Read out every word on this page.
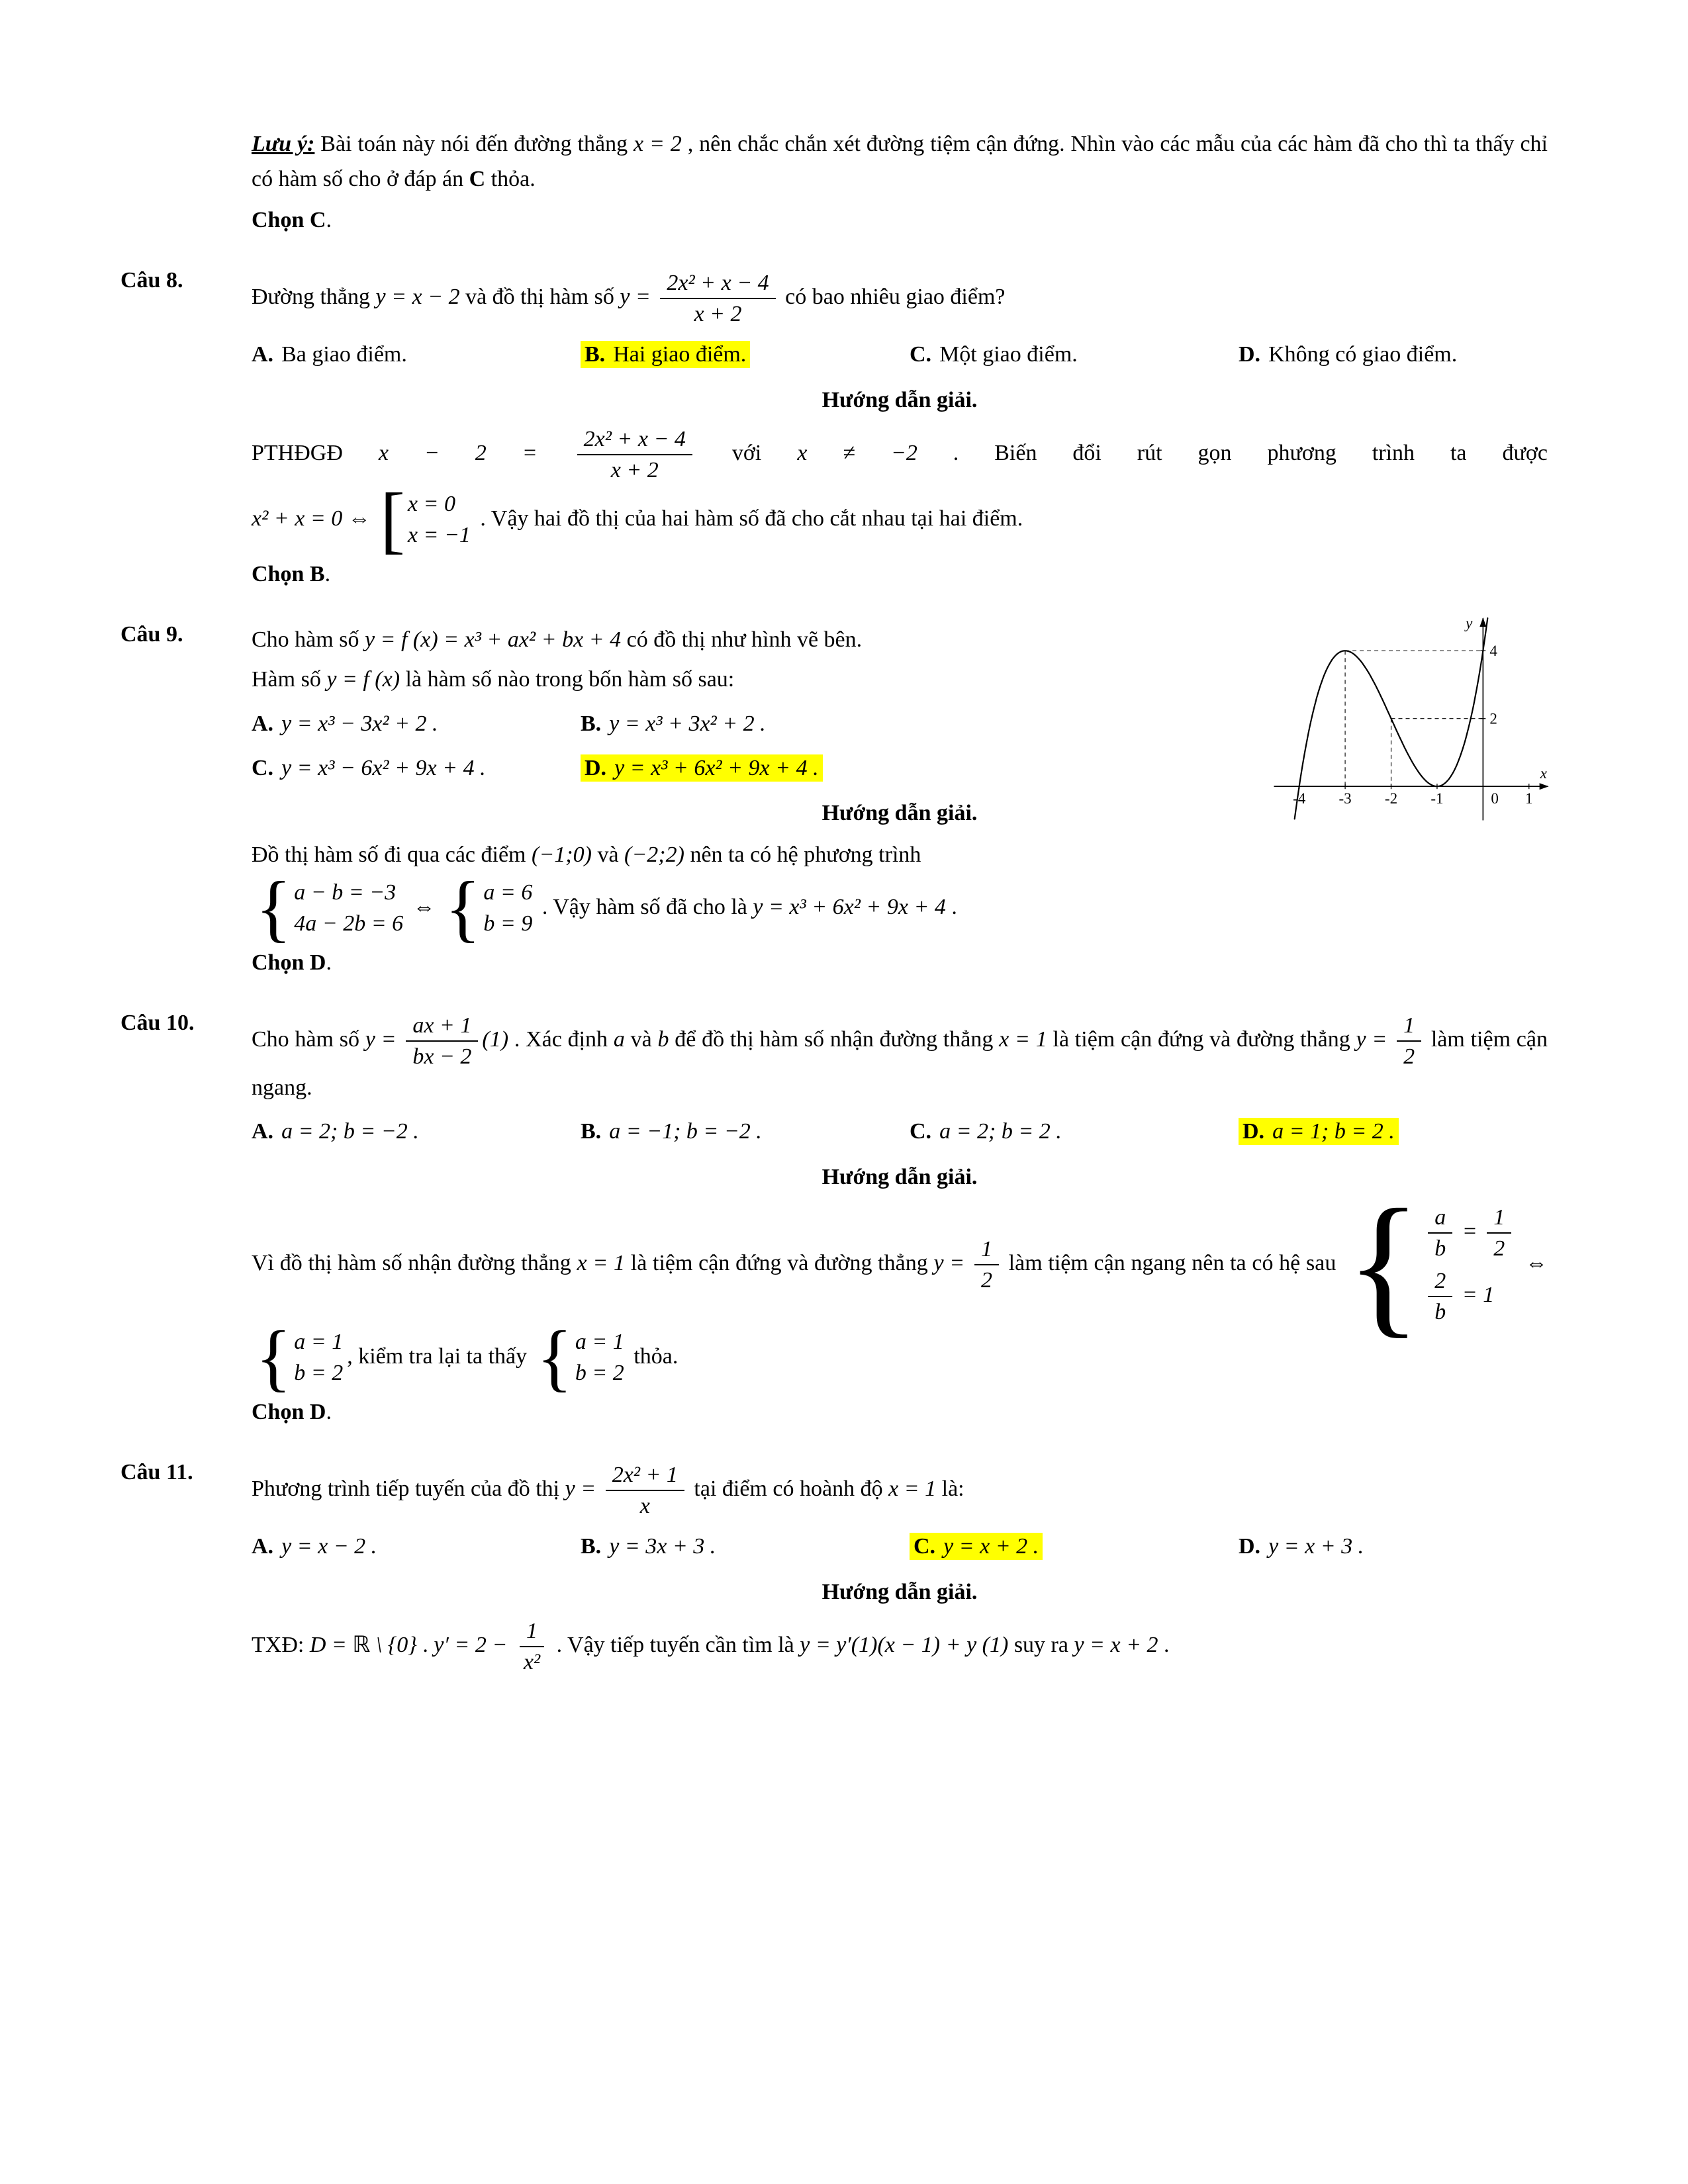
Lưu ý: Bài toán này nói đến đường thẳng x = 2 , nên chắc chắn xét đường tiệm cận đứng. Nhìn vào các mẫu của các hàm đã cho thì ta thấy chỉ có hàm số cho ở đáp án C thỏa.
Chọn C.
Câu 8.
Đường thẳng y = x − 2 và đồ thị hàm số $y = \frac{\text{2x² + x − 4}}{x + 2}$ có bao nhiêu giao điểm?
A. Ba giao điểm.	B. Hai giao điểm.	C. Một giao điểm.	D. Không có giao điểm.
Hướng dẫn giải.
PTHĐGĐ $x - 2 = \frac{\text{2x² + x − 4}}{x + 2}$ với x ≠ −2 . Biến đổi rút gọn phương trình ta được
x² + x = 0 ⇔ [ x = 0
x = −1
. Vậy hai đồ thị của hai hàm số đã cho cắt nhau tại hai điểm.
Chọn B.
Câu 9.	Cho hàm số y = f (x) = x³ + ax² + bx + 4 có đồ thị như hình vẽ bên.
Hàm số y = f (x) là hàm số nào trong bốn hàm số sau:
A. y = x³ − 3x² + 2 .	B. y = x³ + 3x² + 2 .
C. y = x³ − 6x² + 9x + 4 .	D. y = x³ + 6x² + 9x + 4 .
Hướng dẫn giải.
Đồ thị hàm số đi qua các điểm (−1;0) và (−2;2) nên ta có hệ phương trình
{ a − b = −3
4a − 2b = 6
⇔ { a = 6
b = 9
. Vậy hàm số đã cho là y = x³ + 6x² + 9x + 4 .
Chọn D.
-4 -3 -2 -1	0 1
2
4
y
x
Câu 10.
Cho hàm số $y = \frac{ax + 1}{bx - 2} (1)$ . Xác định a và b để đồ thị hàm số nhận đường thẳng x = 1 là tiệm cận đứng và đường thẳng $y = \frac{1}{2}$ làm tiệm cận ngang.
A. a = 2; b = −2 .	B. a = −1; b = −2 .	C. a = 2; b = 2 .	D. a = 1; b = 2 .
Hướng dẫn giải.
Vì đồ thị hàm số nhận đường thẳng x = 1 là tiệm cận đứng và đường thẳng $y = \frac{1}{2}$ làm tiệm cận ngang nên ta có hệ sau { $\frac{a}{b} = \frac{1}{2}$
$\frac{2}{b} = 1$
⇔
{ a = 1
b = 2
, kiểm tra lại ta thấy { a = 1
b = 2
thỏa.
Chọn D.
Câu 11.
Phương trình tiếp tuyến của đồ thị $y = \frac{\text{2x² + 1}}{x}$ tại điểm có hoành độ x = 1 là:
A. y = x − 2 .	B. y = 3x + 3 .	C. y = x + 2 .	D. y = x + 3 .
Hướng dẫn giải.
TXĐ: D = ℝ \ {0} . $y' = 2 - \frac{1}{\text{x²}}$ . Vậy tiếp tuyến cần tìm là y = y′(1)(x − 1) + y (1) suy ra y = x + 2 .
